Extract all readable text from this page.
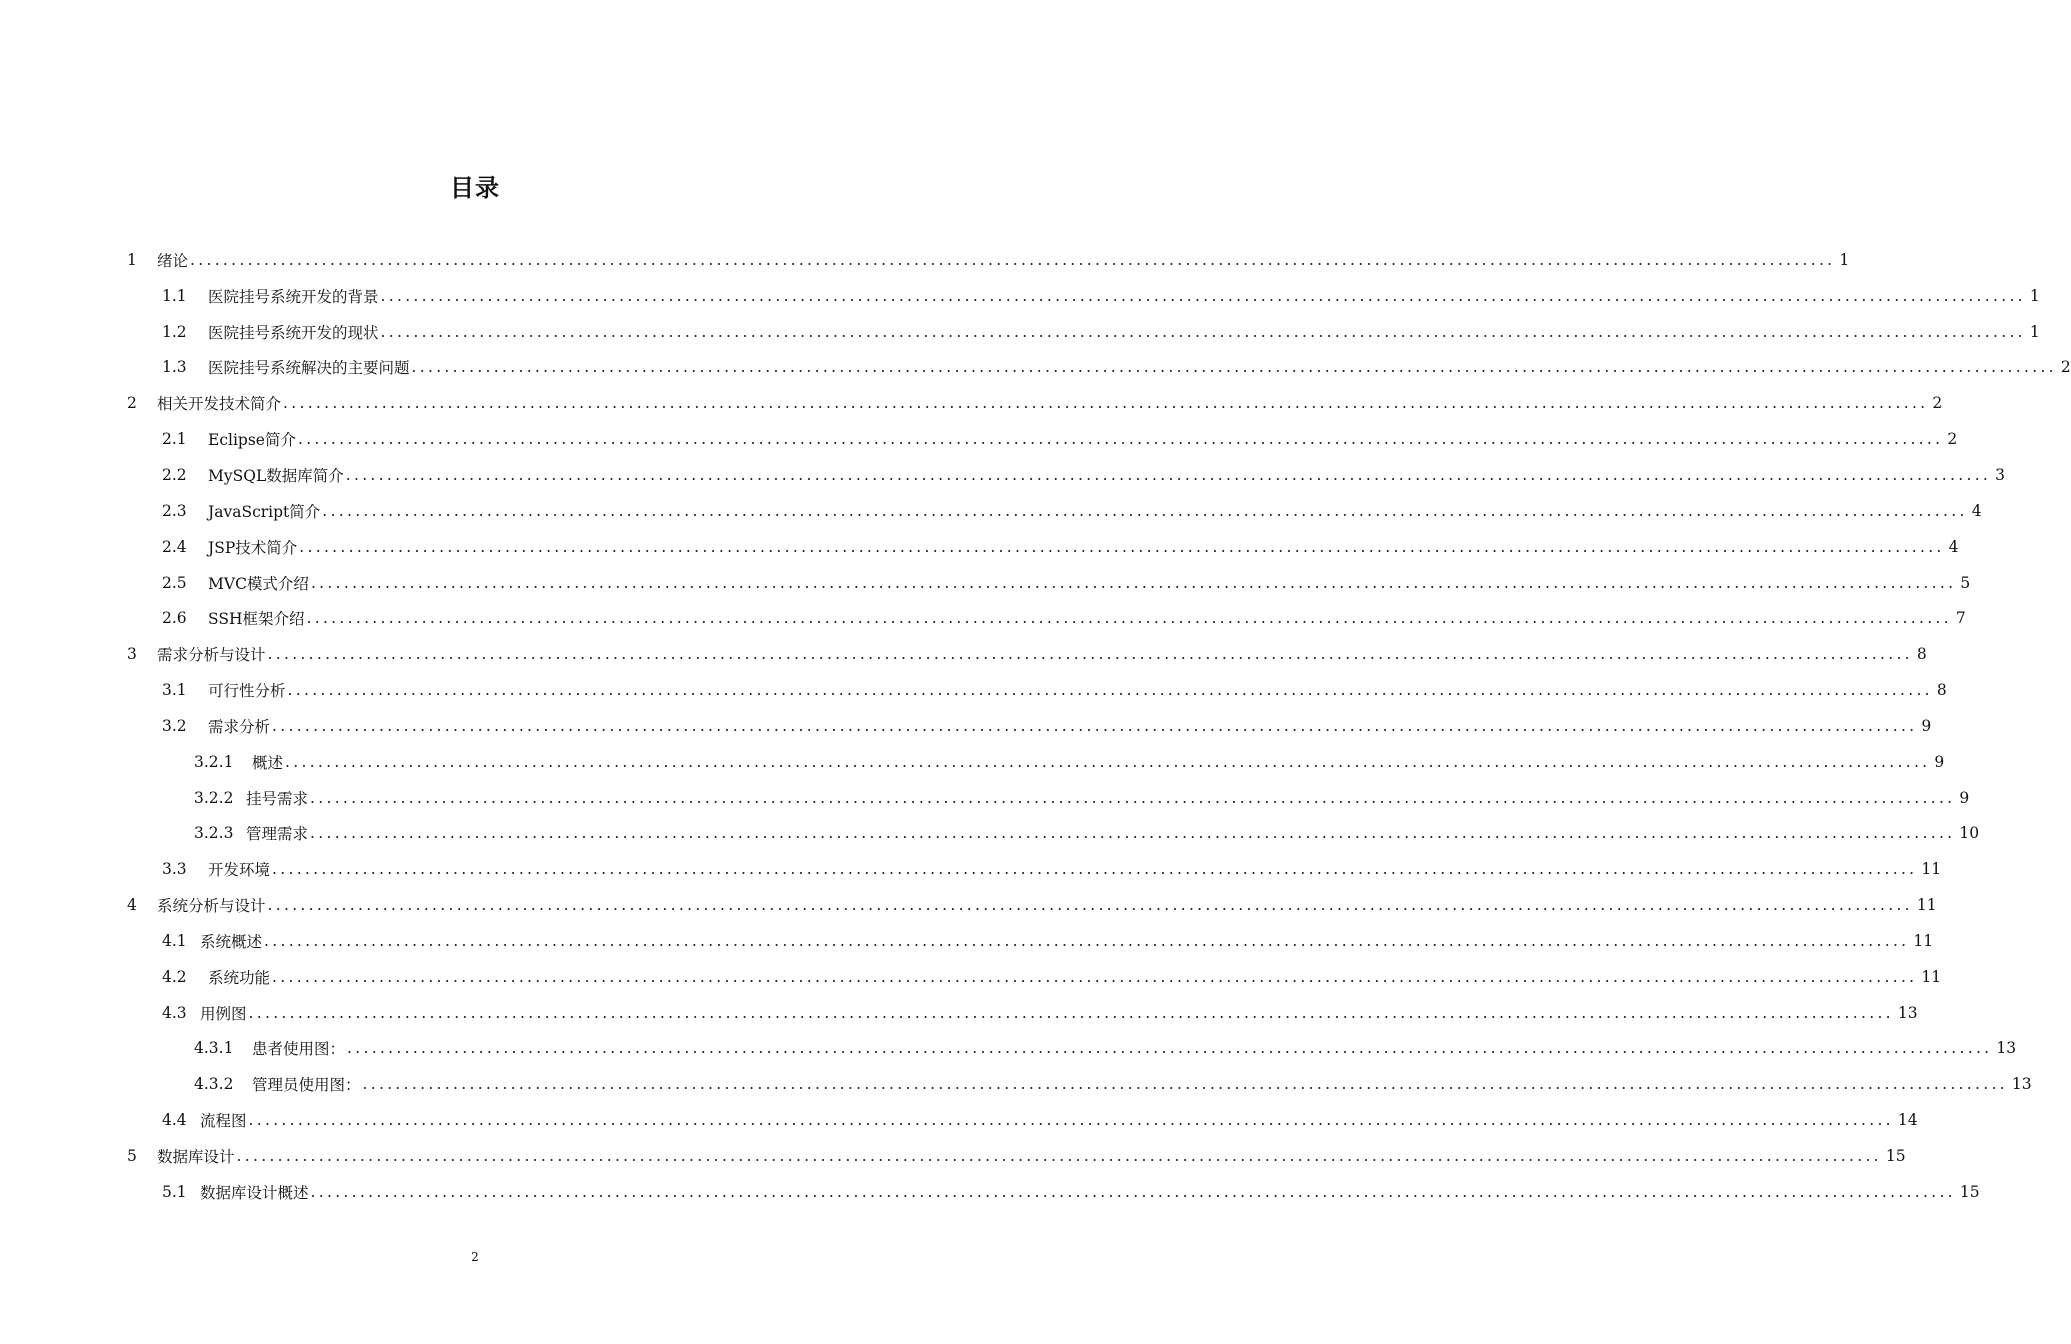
目录
1	绪论 ........................................................................................................................................................................................................ 1
1.1	医院挂号系统开发的背景 ........................................................................................................................................................................................................ 1
1.2	医院挂号系统开发的现状 ........................................................................................................................................................................................................ 1
1.3	医院挂号系统解决的主要问题 ........................................................................................................................................................................................................ 2
2	相关开发技术简介 ........................................................................................................................................................................................................ 2
2.1	Eclipse简介 ........................................................................................................................................................................................................ 2
2.2	MySQL数据库简介 ........................................................................................................................................................................................................ 3
2.3	JavaScript简介 ........................................................................................................................................................................................................ 4
2.4	JSP技术简介 ........................................................................................................................................................................................................ 4
2.5	MVC模式介绍 ........................................................................................................................................................................................................ 5
2.6	SSH框架介绍 ........................................................................................................................................................................................................ 7
3	需求分析与设计 ........................................................................................................................................................................................................ 8
3.1	可行性分析 ........................................................................................................................................................................................................ 8
3.2	需求分析 ........................................................................................................................................................................................................ 9
3.2.1	概述 ........................................................................................................................................................................................................ 9
3.2.2 挂号需求 ........................................................................................................................................................................................................ 9
3.2.3 管理需求 ........................................................................................................................................................................................................ 10
3.3	开发环境 ........................................................................................................................................................................................................ 11
4	系统分析与设计 ........................................................................................................................................................................................................ 11
4.1 系统概述 ........................................................................................................................................................................................................ 11
4.2	系统功能 ........................................................................................................................................................................................................ 11
4.3 用例图 ........................................................................................................................................................................................................ 13
4.3.1	患者使用图： ........................................................................................................................................................................................................ 13
4.3.2	管理员使用图： ........................................................................................................................................................................................................ 13
4.4 流程图 ........................................................................................................................................................................................................ 14
5	数据库设计 ........................................................................................................................................................................................................ 15
5.1 数据库设计概述 ........................................................................................................................................................................................................ 15
2
